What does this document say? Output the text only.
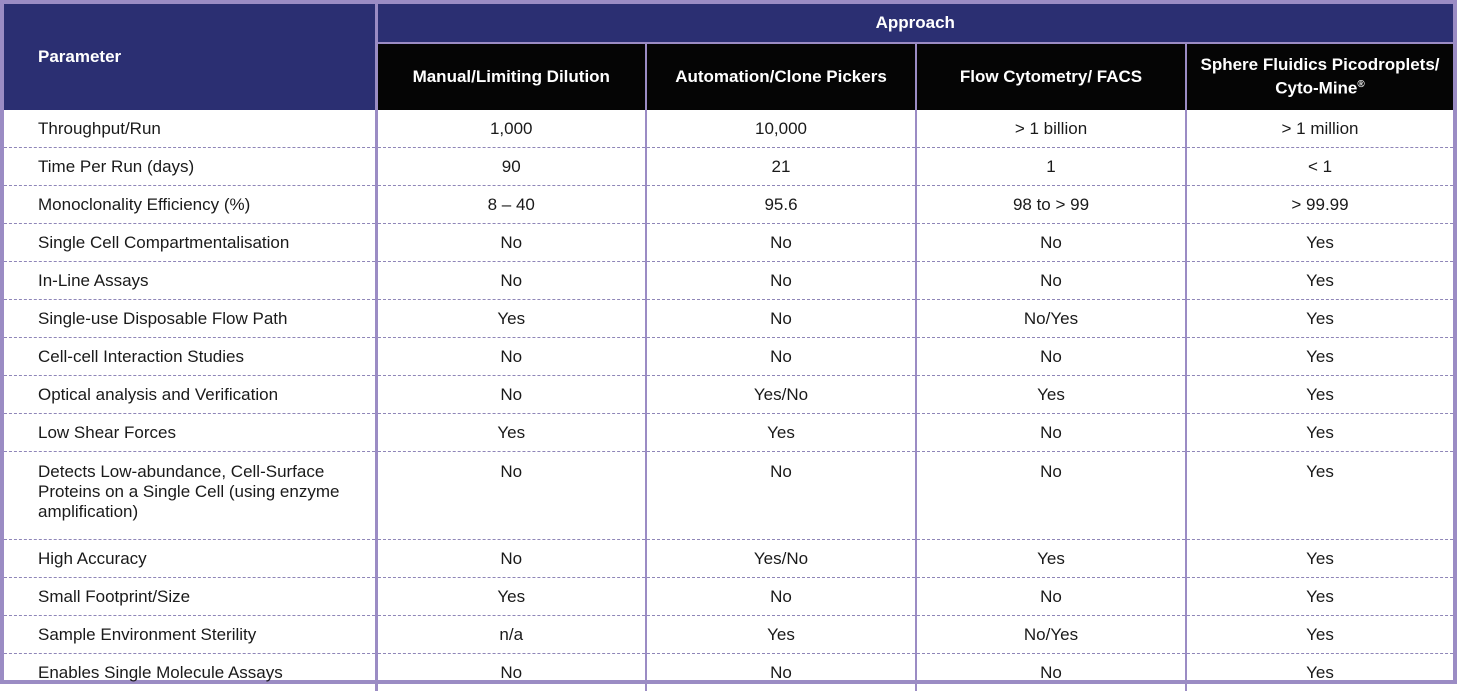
Parameter	Approach			
	Manual/Limiting Dilution	Automation/Clone Pickers	Flow Cytometry/ FACS	Sphere Fluidics Picodroplets/ Cyto-Mine®
Throughput/Run	1,000	10,000	> 1 billion	> 1 million
Time Per Run (days)	90	21	1	< 1
Monoclonality Efficiency (%)	8 – 40	95.6	98 to > 99	> 99.99
Single Cell Compartmentalisation	No	No	No	Yes
In-Line Assays	No	No	No	Yes
Single-use Disposable Flow Path	Yes	No	No/Yes	Yes
Cell-cell Interaction Studies	No	No	No	Yes
Optical analysis and Verification	No	Yes/No	Yes	Yes
Low Shear Forces	Yes	Yes	No	Yes
Detects Low-abundance, Cell-Surface Proteins on a Single Cell (using enzyme amplification)	No	No	No	Yes
High Accuracy	No	Yes/No	Yes	Yes
Small Footprint/Size	Yes	No	No	Yes
Sample Environment Sterility	n/a	Yes	No/Yes	Yes
Enables Single Molecule Assays	No	No	No	Yes
